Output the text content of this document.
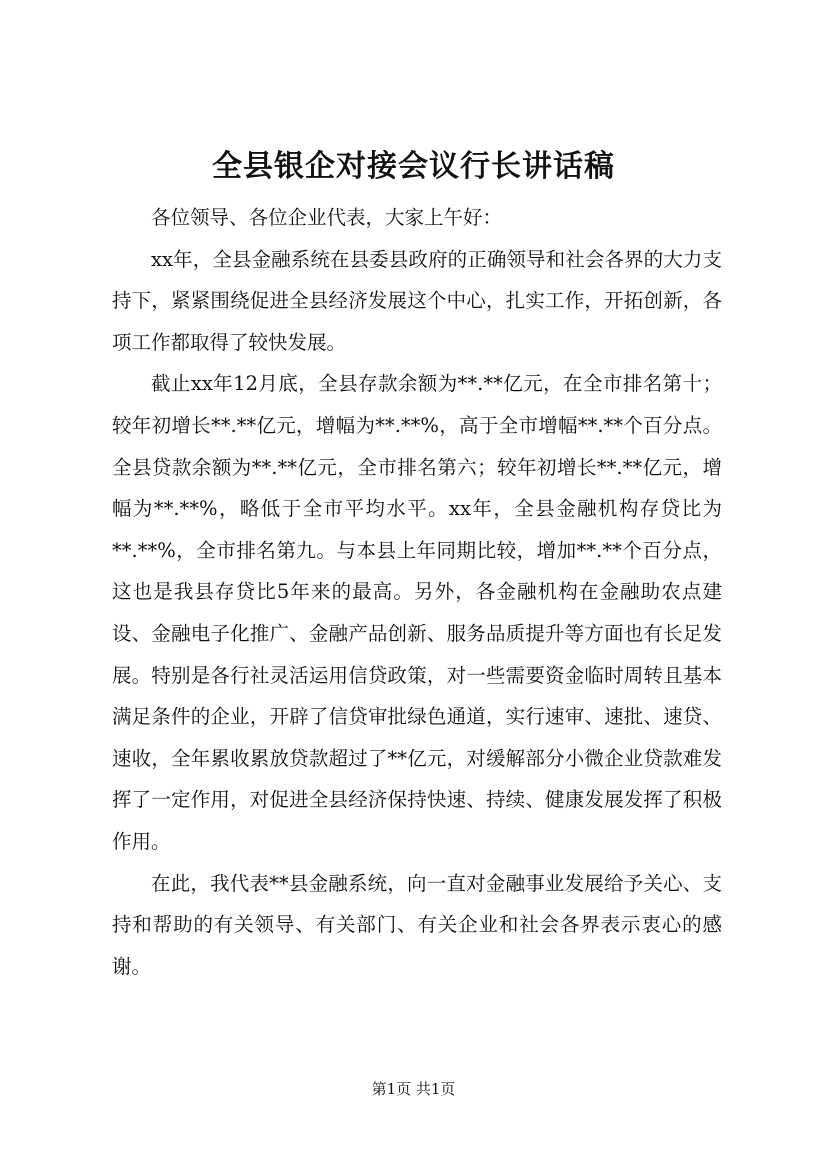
全县银企对接会议行长讲话稿

各位领导、各位企业代表，大家上午好：

xx年，全县金融系统在县委县政府的正确领导和社会各界的大力支持下，紧紧围绕促进全县经济发展这个中心，扎实工作，开拓创新，各项工作都取得了较快发展。

截止xx年12月底，全县存款余额为**.**亿元，在全市排名第十；较年初增长**.**亿元，增幅为**.**%，高于全市增幅**.**个百分点。全县贷款余额为**.**亿元，全市排名第六；较年初增长**.**亿元，增幅为**.**%，略低于全市平均水平。xx年，全县金融机构存贷比为**.**%，全市排名第九。与本县上年同期比较，增加**.**个百分点，这也是我县存贷比5年来的最高。另外，各金融机构在金融助农点建设、金融电子化推广、金融产品创新、服务品质提升等方面也有长足发展。特别是各行社灵活运用信贷政策，对一些需要资金临时周转且基本满足条件的企业，开辟了信贷审批绿色通道，实行速审、速批、速贷、速收，全年累收累放贷款超过了**亿元，对缓解部分小微企业贷款难发挥了一定作用，对促进全县经济保持快速、持续、健康发展发挥了积极作用。

在此，我代表**县金融系统，向一直对金融事业发展给予关心、支持和帮助的有关领导、有关部门、有关企业和社会各界表示衷心的感谢。

第1页 共1页
